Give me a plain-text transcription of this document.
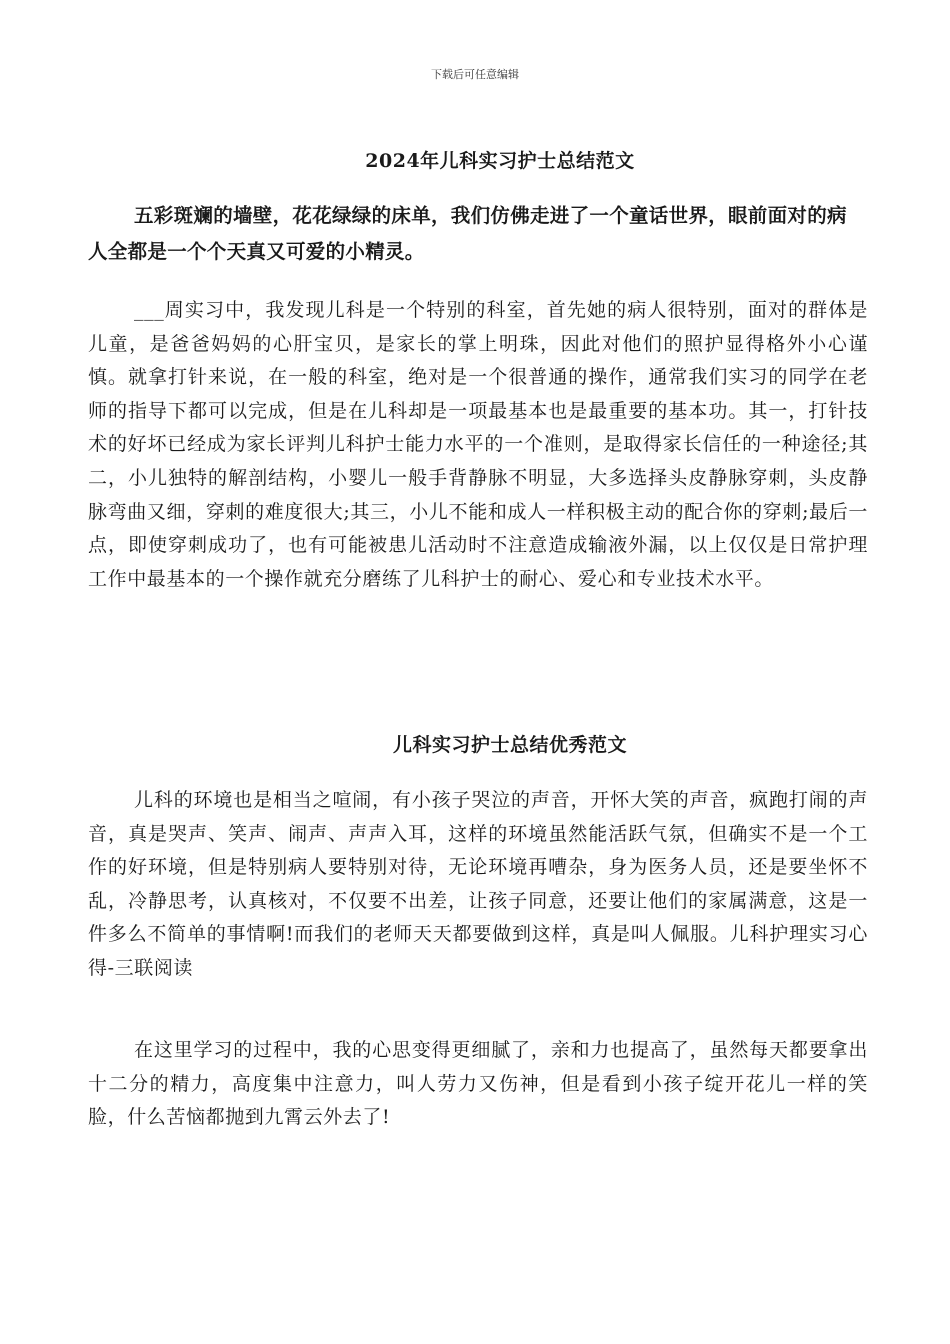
下载后可任意编辑
2024年儿科实习护士总结范文
五彩斑斓的墙壁，花花绿绿的床单，我们仿佛走进了一个童话世界，眼前面对的病人全都是一个个天真又可爱的小精灵。
___周实习中，我发现儿科是一个特别的科室，首先她的病人很特别，面对的群体是儿童，是爸爸妈妈的心肝宝贝，是家长的掌上明珠，因此对他们的照护显得格外小心谨慎。就拿打针来说，在一般的科室，绝对是一个很普通的操作，通常我们实习的同学在老师的指导下都可以完成，但是在儿科却是一项最基本也是最重要的基本功。其一，打针技术的好坏已经成为家长评判儿科护士能力水平的一个准则，是取得家长信任的一种途径;其二，小儿独特的解剖结构，小婴儿一般手背静脉不明显，大多选择头皮静脉穿刺，头皮静脉弯曲又细，穿刺的难度很大;其三，小儿不能和成人一样积极主动的配合你的穿刺;最后一点，即使穿刺成功了，也有可能被患儿活动时不注意造成输液外漏，以上仅仅是日常护理工作中最基本的一个操作就充分磨练了儿科护士的耐心、爱心和专业技术水平。
儿科实习护士总结优秀范文
儿科的环境也是相当之喧闹，有小孩子哭泣的声音，开怀大笑的声音，疯跑打闹的声音，真是哭声、笑声、闹声、声声入耳，这样的环境虽然能活跃气氛，但确实不是一个工作的好环境，但是特别病人要特别对待，无论环境再嘈杂，身为医务人员，还是要坐怀不乱，冷静思考，认真核对，不仅要不出差，让孩子同意，还要让他们的家属满意，这是一件多么不简单的事情啊!而我们的老师天天都要做到这样，真是叫人佩服。儿科护理实习心得-三联阅读
在这里学习的过程中，我的心思变得更细腻了，亲和力也提高了，虽然每天都要拿出十二分的精力，高度集中注意力，叫人劳力又伤神，但是看到小孩子绽开花儿一样的笑脸，什么苦恼都抛到九霄云外去了!
